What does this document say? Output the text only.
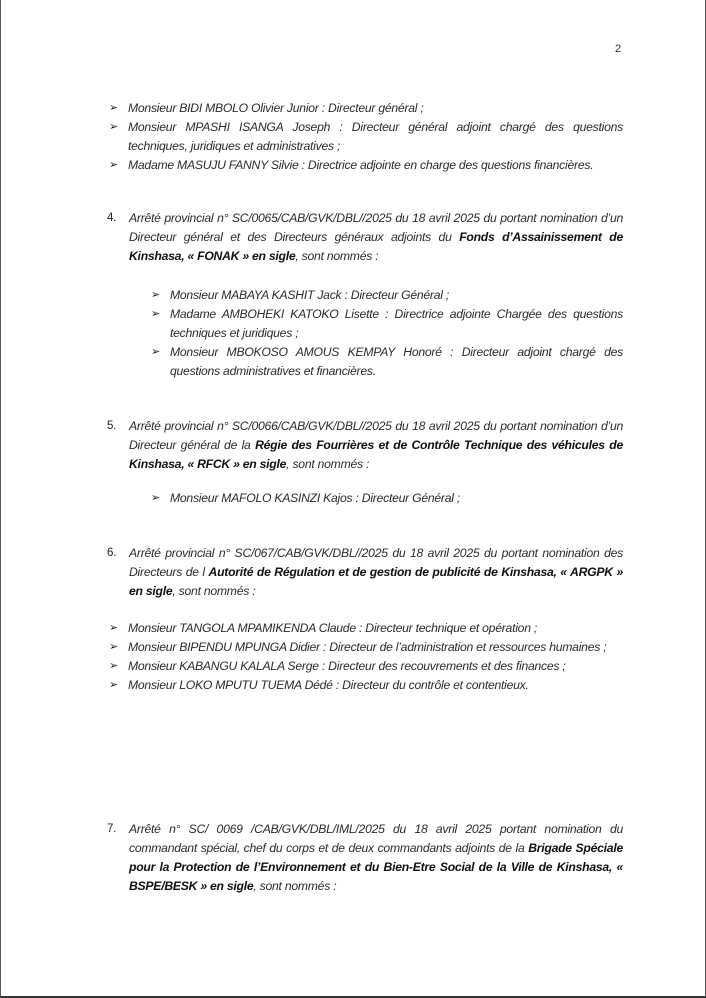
2
➢ Monsieur BIDI MBOLO Olivier Junior : Directeur général ;
➢ Monsieur MPASHI ISANGA Joseph : Directeur général adjoint chargé des questions techniques, juridiques et administratives ;
➢ Madame MASUJU FANNY Silvie : Directrice adjointe en charge des questions financières.
4. Arrêté provincial n° SC/0065/CAB/GVK/DBL//2025 du 18 avril 2025 du portant nomination d’un Directeur général et des Directeurs généraux adjoints du Fonds d’Assainissement de Kinshasa, « FONAK » en sigle, sont nommés :
➢ Monsieur MABAYA KASHIT Jack : Directeur Général ;
➢ Madame AMBOHEKI KATOKO Lisette : Directrice adjointe Chargée des questions techniques et juridiques ;
➢ Monsieur MBOKOSO AMOUS KEMPAY Honoré : Directeur adjoint chargé des questions administratives et financières.
5. Arrêté provincial n° SC/0066/CAB/GVK/DBL//2025 du 18 avril 2025 du portant nomination d’un Directeur général de la Régie des Fourrières et de Contrôle Technique des véhicules de Kinshasa, « RFCK » en sigle, sont nommés :
➢ Monsieur MAFOLO KASINZI Kajos : Directeur Général ;
6. Arrêté provincial n° SC/067/CAB/GVK/DBL//2025 du 18 avril 2025 du portant nomination des Directeurs de l Autorité de Régulation et de gestion de publicité de Kinshasa, « ARGPK » en sigle, sont nommés :
➢ Monsieur TANGOLA MPAMIKENDA Claude : Directeur technique et opération ;
➢ Monsieur BIPENDU MPUNGA Didier : Directeur de l’administration et ressources humaines ;
➢ Monsieur KABANGU KALALA Serge : Directeur des recouvrements et des finances ;
➢ Monsieur LOKO MPUTU TUEMA Dédé : Directeur du contrôle et contentieux.
7. Arrêté n° SC/ 0069 /CAB/GVK/DBL/IML/2025 du 18 avril 2025 portant nomination du commandant spécial, chef du corps et de deux commandants adjoints de la Brigade Spéciale pour la Protection de l’Environnement et du Bien-Etre Social de la Ville de Kinshasa, « BSPE/BESK » en sigle, sont nommés :
